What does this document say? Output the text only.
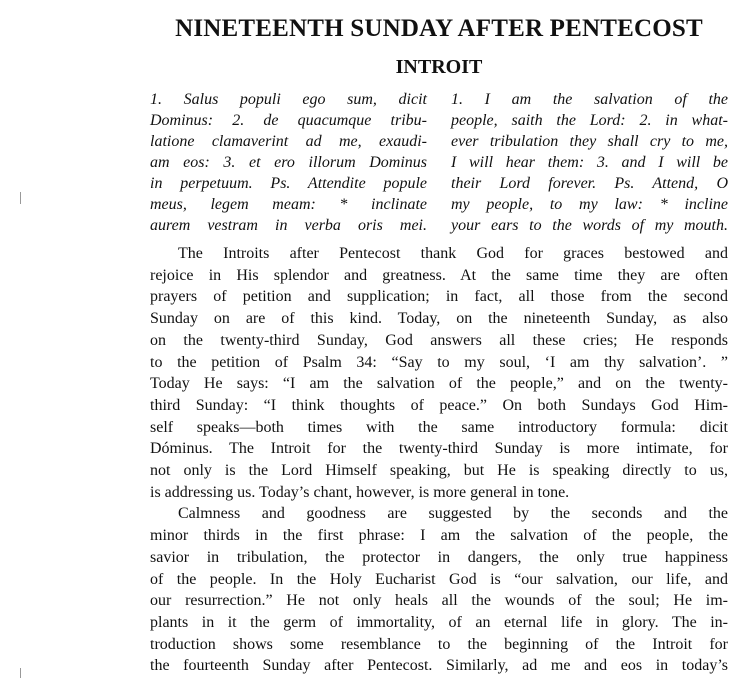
NINETEENTH SUNDAY AFTER PENTECOST
INTROIT
1. Salus populi ego sum, dicit
Dominus: 2. de quacumque tribu-
latione clamaverint ad me, exaudi-
am eos: 3. et ero illorum Dominus
in perpetuum. Ps. Attendite popule
meus, legem meam: * inclinate
aurem vestram in verba oris mei.
1. I am the salvation of the
people, saith the Lord: 2. in what-
ever tribulation they shall cry to me,
I will hear them: 3. and I will be
their Lord forever. Ps. Attend, O
my people, to my law: * incline
your ears to the words of my mouth.
The Introits after Pentecost thank God for graces bestowed and
rejoice in His splendor and greatness. At the same time they are often
prayers of petition and supplication; in fact, all those from the second
Sunday on are of this kind. Today, on the nineteenth Sunday, as also
on the twenty-third Sunday, God answers all these cries; He responds
to the petition of Psalm 34: “Say to my soul, ‘I am thy salvation’. ”
Today He says: “I am the salvation of the people,” and on the twenty-
third Sunday: “I think thoughts of peace.” On both Sundays God Him-
self speaks—both times with the same introductory formula: dicit
Dóminus. The Introit for the twenty-third Sunday is more intimate, for
not only is the Lord Himself speaking, but He is speaking directly to us,
is addressing us. Today’s chant, however, is more general in tone.
Calmness and goodness are suggested by the seconds and the
minor thirds in the first phrase: I am the salvation of the people, the
savior in tribulation, the protector in dangers, the only true happiness
of the people. In the Holy Eucharist God is “our salvation, our life, and
our resurrection.” He not only heals all the wounds of the soul; He im-
plants in it the germ of immortality, of an eternal life in glory. The in-
troduction shows some resemblance to the beginning of the Introit for
the fourteenth Sunday after Pentecost. Similarly, ad me and eos in today’s
